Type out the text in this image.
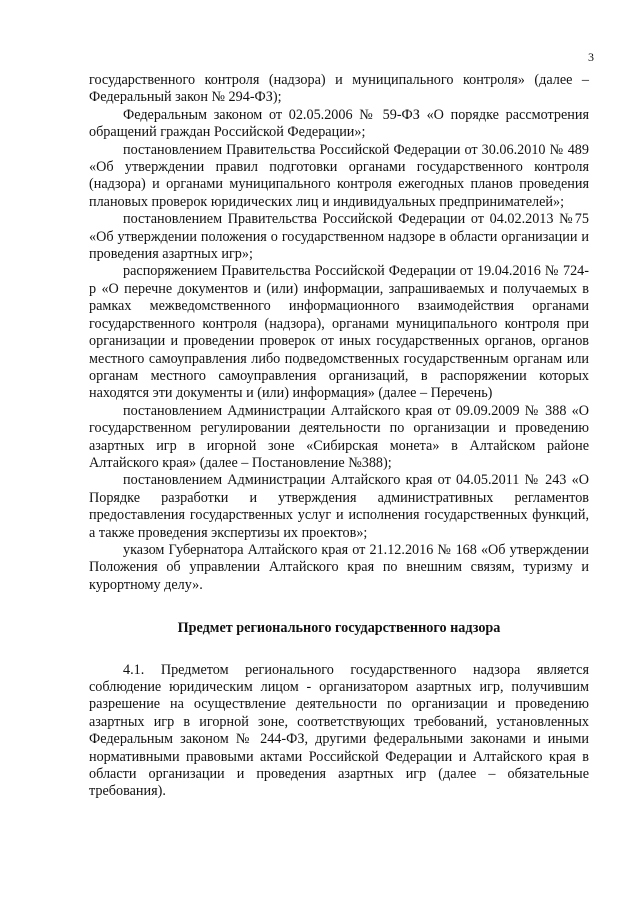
3

государственного контроля (надзора) и муниципального контроля» (далее – Федеральный закон № 294-ФЗ);

Федеральным законом от 02.05.2006 № 59-ФЗ «О порядке рассмотрения обращений граждан Российской Федерации»;

постановлением Правительства Российской Федерации от 30.06.2010 № 489 «Об утверждении правил подготовки органами государственного контроля (надзора) и органами муниципального контроля ежегодных планов проведения плановых проверок юридических лиц и индивидуальных предпринимателей»;

постановлением Правительства Российской Федерации от 04.02.2013 №75 «Об утверждении положения о государственном надзоре в области организации и проведения азартных игр»;

распоряжением Правительства Российской Федерации от 19.04.2016 № 724-р «О перечне документов и (или) информации, запрашиваемых и получаемых в рамках межведомственного информационного взаимодействия органами государственного контроля (надзора), органами муниципального контроля при организации и проведении проверок от иных государственных органов, органов местного самоуправления либо подведомственных государственным органам или органам местного самоуправления организаций, в распоряжении которых находятся эти документы и (или) информация» (далее – Перечень)

постановлением Администрации Алтайского края от 09.09.2009 № 388 «О государственном регулировании деятельности по организации и проведению азартных игр в игорной зоне «Сибирская монета» в Алтайском районе Алтайского края» (далее – Постановление №388);

постановлением Администрации Алтайского края от 04.05.2011 № 243 «О Порядке разработки и утверждения административных регламентов предоставления государственных услуг и исполнения государственных функций, а также проведения экспертизы их проектов»;

указом Губернатора Алтайского края от 21.12.2016 № 168 «Об утверждении Положения об управлении Алтайского края по внешним связям, туризму и курортному делу».

Предмет регионального государственного надзора

4.1. Предметом регионального государственного надзора является соблюдение юридическим лицом - организатором азартных игр, получившим разрешение на осуществление деятельности по организации и проведению азартных игр в игорной зоне, соответствующих требований, установленных Федеральным законом № 244-ФЗ, другими федеральными законами и иными нормативными правовыми актами Российской Федерации и Алтайского края в области организации и проведения азартных игр (далее – обязательные требования).
